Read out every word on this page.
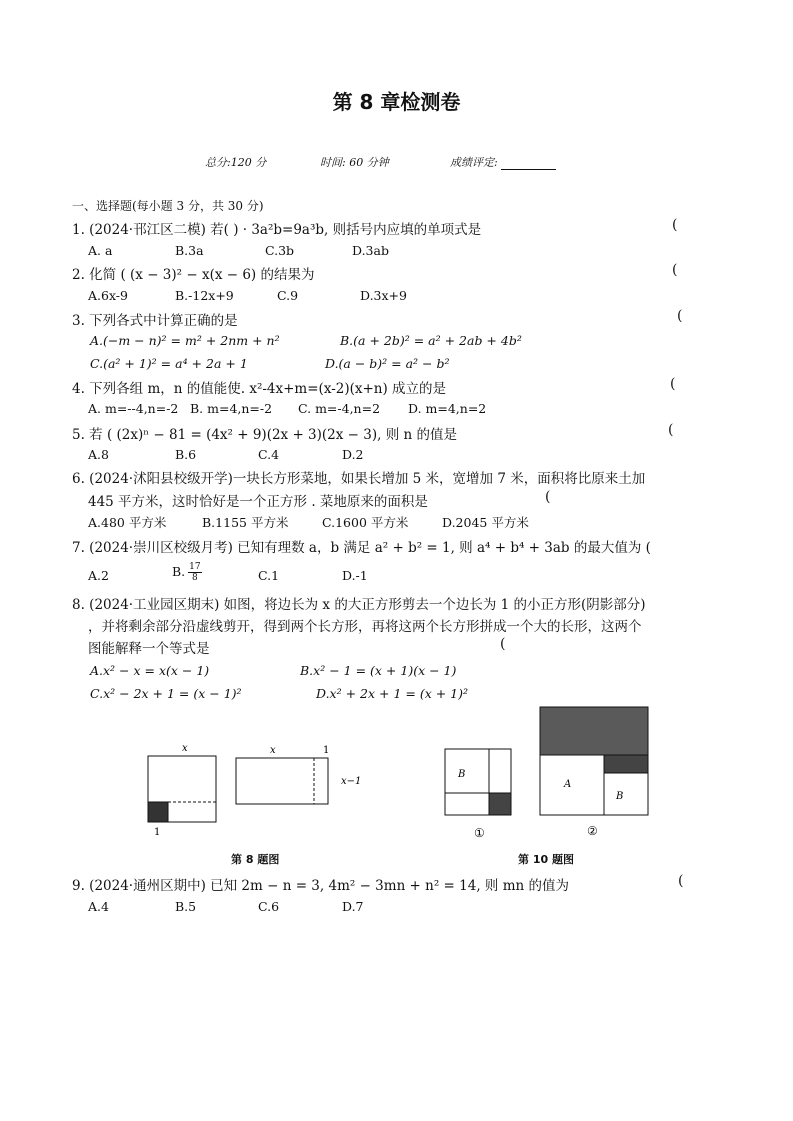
第 8 章检测卷
总分:120 分	时间: 60 分钟	成绩评定:
一、选择题(每小题 3 分，共 30 分)
1. (2024·邗江区二模) 若( ) · 3a²b=9a³b, 则括号内应填的单项式是	(
A. a	B.3a	C.3b	D.3ab
2. 化简 ( (x − 3)² − x(x − 6) 的结果为	(
A.6x-9	B.-12x+9	C.9	D.3x+9
3. 下列各式中计算正确的是	(
A.(−m − n)² = m² + 2nm + n²	B.(a + 2b)² = a² + 2ab + 4b²
C.(a² + 1)² = a⁴ + 2a + 1	D.(a − b)² = a² − b²
4. 下列各组 m，n 的值能使. x²-4x+m=(x-2)(x+n) 成立的是	(
A. m=--4,n=-2 B. m=4,n=-2 C. m=-4,n=2 D. m=4,n=2
5. 若 ( (2x)ⁿ − 81 = (4x² + 9)(2x + 3)(2x − 3), 则 n 的值是	(
A.8	B.6	C.4	D.2
6. (2024·沭阳县校级开学)一块长方形菜地，如果长增加 5 米，宽增加 7 米，面积将比原来土加
445 平方米，这时恰好是一个正方形 . 菜地原来的面积是	(
A.480 平方米	B.1155 平方米	C.1600 平方米	D.2045 平方米
7. (2024·崇川区校级月考) 已知有理数 a，b 满足 a² + b² = 1, 则 a⁴ + b⁴ + 3ab 的最大值为 (
A.2	B. $\frac{17}{8}$	C.1	D.-1
8. (2024·工业园区期末) 如图，将边长为 x 的大正方形剪去一个边长为 1 的小正方形(阴影部分)
，并将剩余部分沿虚线剪开，得到两个长方形，再将这两个长方形拼成一个大的长形，这两个
图能解释一个等式是	(
A.x² − x = x(x − 1)	B.x² − 1 = (x + 1)(x − 1)
C.x² − 2x + 1 = (x − 1)²	D.x² + 2x + 1 = (x + 1)²
x	x	1
1
x−1
第 8 题图
B
①
A
B
②
第 10 题图
9. (2024·通州区期中) 已知 2m − n = 3, 4m² − 3mn + n² = 14, 则 mn 的值为	(
A.4	B.5	C.6	D.7
